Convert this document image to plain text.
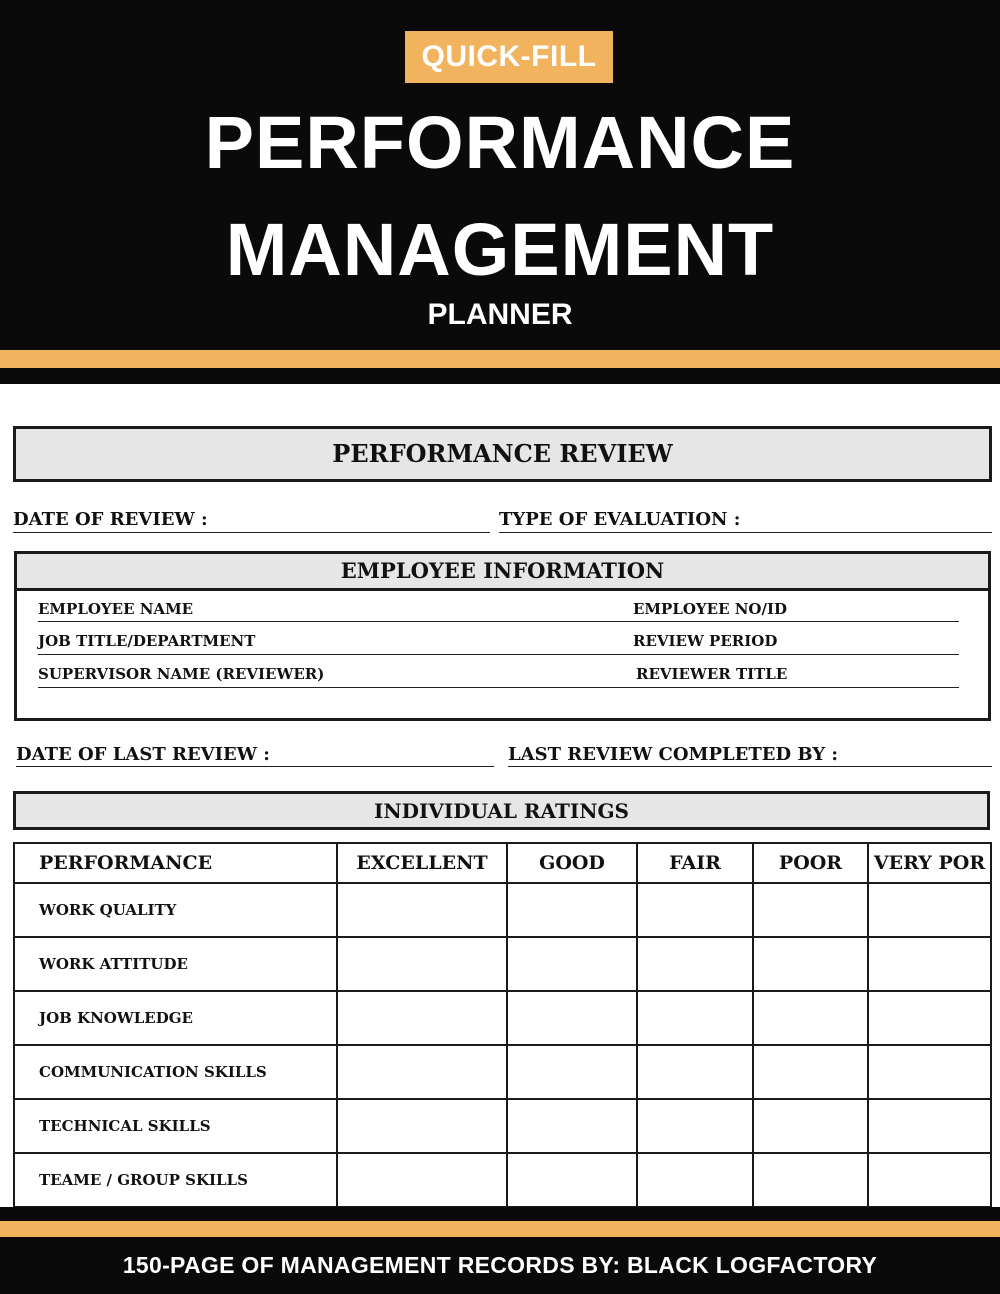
QUICK-FILL
PERFORMANCE
MANAGEMENT
PLANNER
PERFORMANCE REVIEW
DATE OF REVIEW :	TYPE OF EVALUATION :
EMPLOYEE INFORMATION
EMPLOYEE NAME	EMPLOYEE NO/ID
JOB TITLE/DEPARTMENT	REVIEW PERIOD
SUPERVISOR NAME (REVIEWER)	REVIEWER TITLE
DATE OF LAST REVIEW :	LAST REVIEW COMPLETED BY :
INDIVIDUAL RATINGS
PERFORMANCE	EXCELLENT	GOOD	FAIR	POOR	VERY POR
WORK QUALITY					
WORK ATTITUDE					
JOB KNOWLEDGE					
COMMUNICATION SKILLS					
TECHNICAL SKILLS					
TEAME / GROUP SKILLS					
150-PAGE OF MANAGEMENT RECORDS BY: BLACK LOGFACTORY
